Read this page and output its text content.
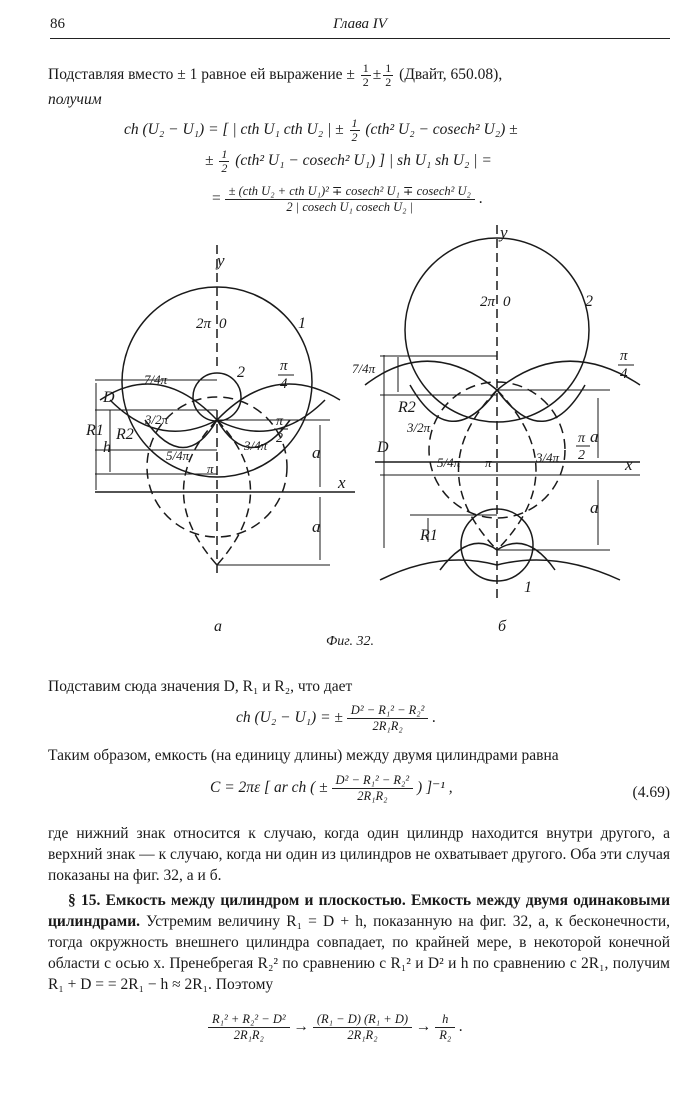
86	Глава IV
Подставляя вместо ± 1 равное ей выражение ± $\frac{1}{2} \pm \frac{1}{2}$ (Двайт, 650.08),
получим
ch (U₂ − U₁) = [ | cth U₁ cth U₂ | ± $\frac{1}{2} (cth^2$ U₂ − cosech² U₂) ±
± $\frac{1}{2} (cth^2$ U₁ − cosech² U₁) ] | sh U₁ sh U₂ | =
= $\frac{\text{± (cth U₂ + cth U₁)² ∓ cosech² U₁ ∓ cosech² U₂}}{\text{2 | cosech U₁ cosech U₂ |}}$ .
y
2π 0	1
2 π
4
7/4π
D
R1 R2
h
3/2π
5/4π
3/4π
π
2
π
a
a
x
y
2π 0	2
π
4
7/4π
R2
D
3/2π
5/4π π	3/4π
π
2
a
a
x
R1
1
а	б
Фиг. 32.
Подставим сюда значения D, R₁ и R₂, что дает
ch (U₂ − U₁) = ± $\frac{\text{D² − R₁² − R₂²}}{\text{2R₁R₂}}$ .
Таким образом, емкость (на единицу длины) между двумя цилиндрами равна
C = 2πε [ ar ch ( ± $\frac{\text{D² − R₁² − R₂²}}{\text{2R₁R₂}}$ ) ]⁻¹ ,	(4.69)
где нижний знак относится к случаю, когда один цилиндр находится внутри другого, а верхний знак — к случаю, когда ни один из цилиндров не охватывает другого. Оба эти случая показаны на фиг. 32, а и б.
§ 15. Емкость между цилиндром и плоскостью. Емкость между двумя одинаковыми цилиндрами. Устремим величину R₁ = D + h, показанную на фиг. 32, а, к бесконечности, тогда окружность внешнего цилиндра совпадает, по крайней мере, в некоторой конечной области с осью x. Пренебрегая R₂² по сравнению с R₁² и D² и h по сравнению с 2R₁, получим R₁ + D = = 2R₁ − h ≈ 2R₁. Поэтому
$\frac{\text{R₁² + R₂² − D²}}{\text{2R₁R₂}} \to \frac{\text{(R₁ − D) (R₁ + D)}}{\text{2R₁R₂}} \to \frac{h}{\text{R₂}}$ .
